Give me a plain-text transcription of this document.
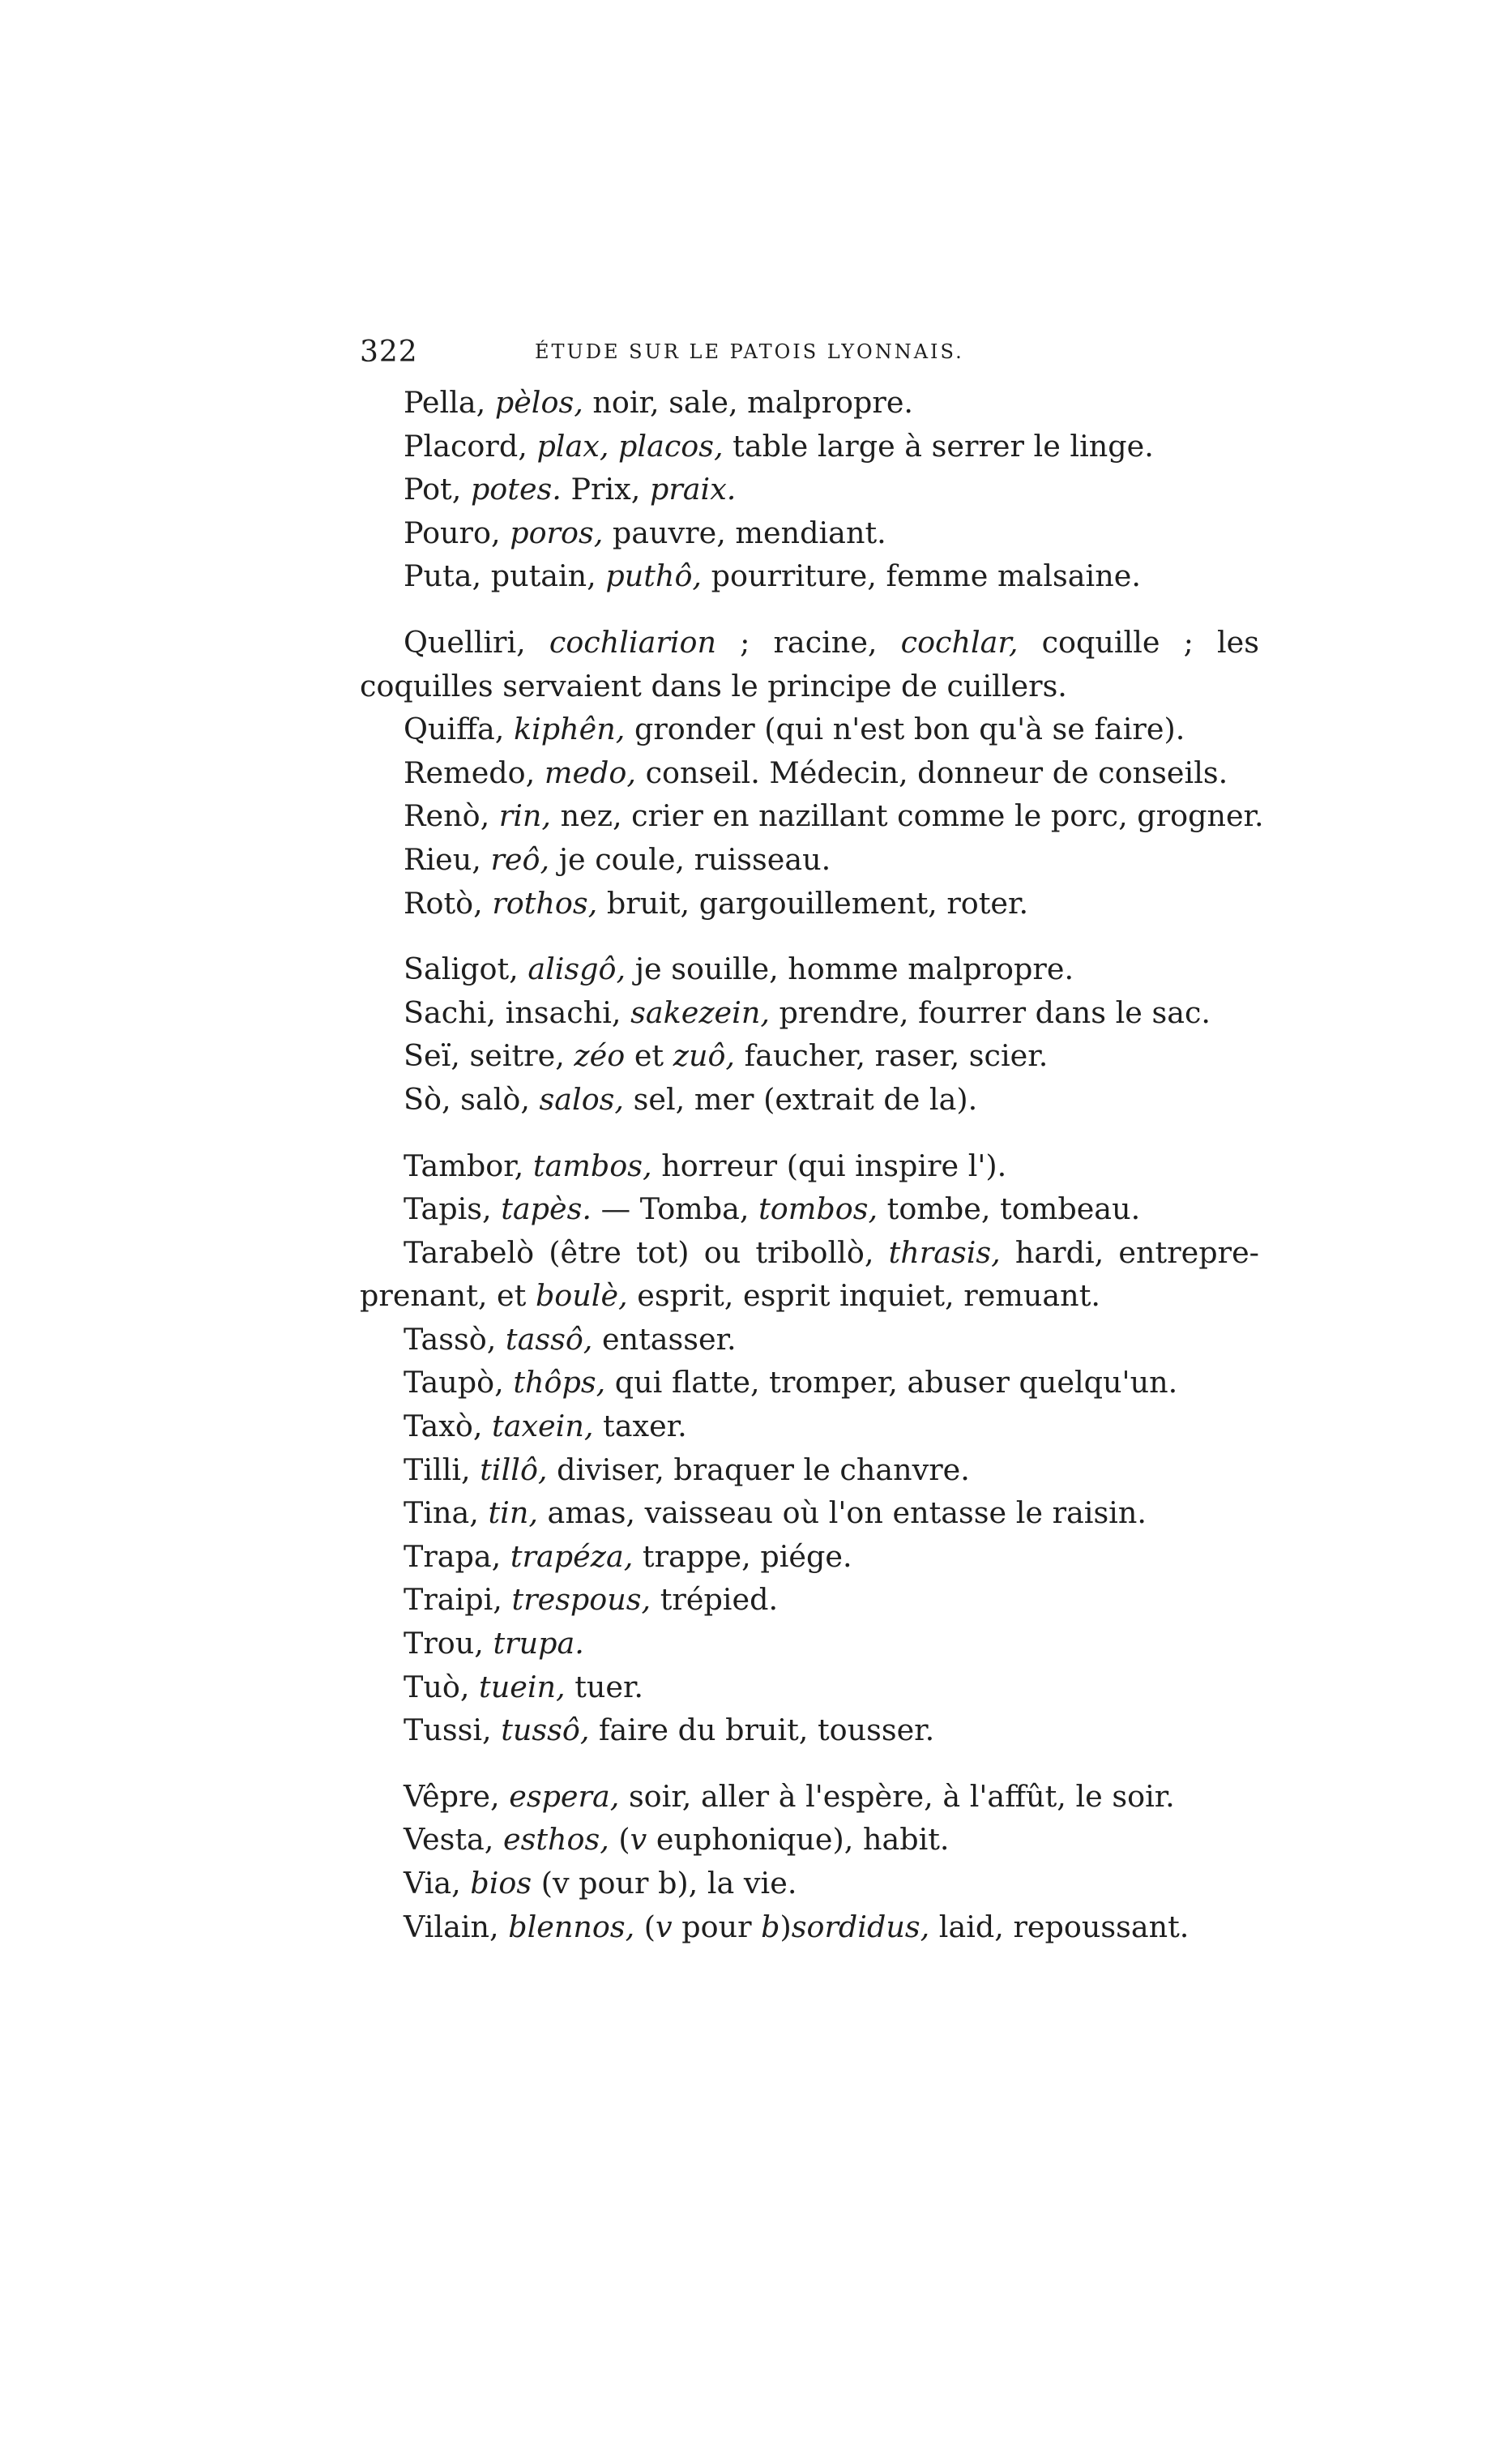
322	ÉTUDE SUR LE PATOIS LYONNAIS.
Pella, pèlos, noir, sale, malpropre.
Placord, plax, placos, table large à serrer le linge.
Pot, potes. Prix, praix.
Pouro, poros, pauvre, mendiant.
Puta, putain, puthô, pourriture, femme malsaine.
Quelliri, cochliarion ; racine, cochlar, coquille ; les
coquilles servaient dans le principe de cuillers.
Quiffa, kiphên, gronder (qui n'est bon qu'à se faire).
Remedo, medo, conseil. Médecin, donneur de conseils.
Renò, rin, nez, crier en nazillant comme le porc, grogner.
Rieu, reô, je coule, ruisseau.
Rotò, rothos, bruit, gargouillement, roter.
Saligot, alisgô, je souille, homme malpropre.
Sachi, insachi, sakezein, prendre, fourrer dans le sac.
Seï, seitre, zéo et zuô, faucher, raser, scier.
Sò, salò, salos, sel, mer (extrait de la).
Tambor, tambos, horreur (qui inspire l').
Tapis, tapès. — Tomba, tombos, tombe, tombeau.
Tarabelò (être tot) ou tribollò, thrasis, hardi, entrepre-
prenant, et boulè, esprit, esprit inquiet, remuant.
Tassò, tassô, entasser.
Taupò, thôps, qui flatte, tromper, abuser quelqu'un.
Taxò, taxein, taxer.
Tilli, tillô, diviser, braquer le chanvre.
Tina, tin, amas, vaisseau où l'on entasse le raisin.
Trapa, trapéza, trappe, piége.
Traipi, trespous, trépied.
Trou, trupa.
Tuò, tuein, tuer.
Tussi, tussô, faire du bruit, tousser.
Vêpre, espera, soir, aller à l'espère, à l'affût, le soir.
Vesta, esthos, (v euphonique), habit.
Via, bios (v pour b), la vie.
Vilain, blennos, (v pour b)sordidus, laid, repoussant.
